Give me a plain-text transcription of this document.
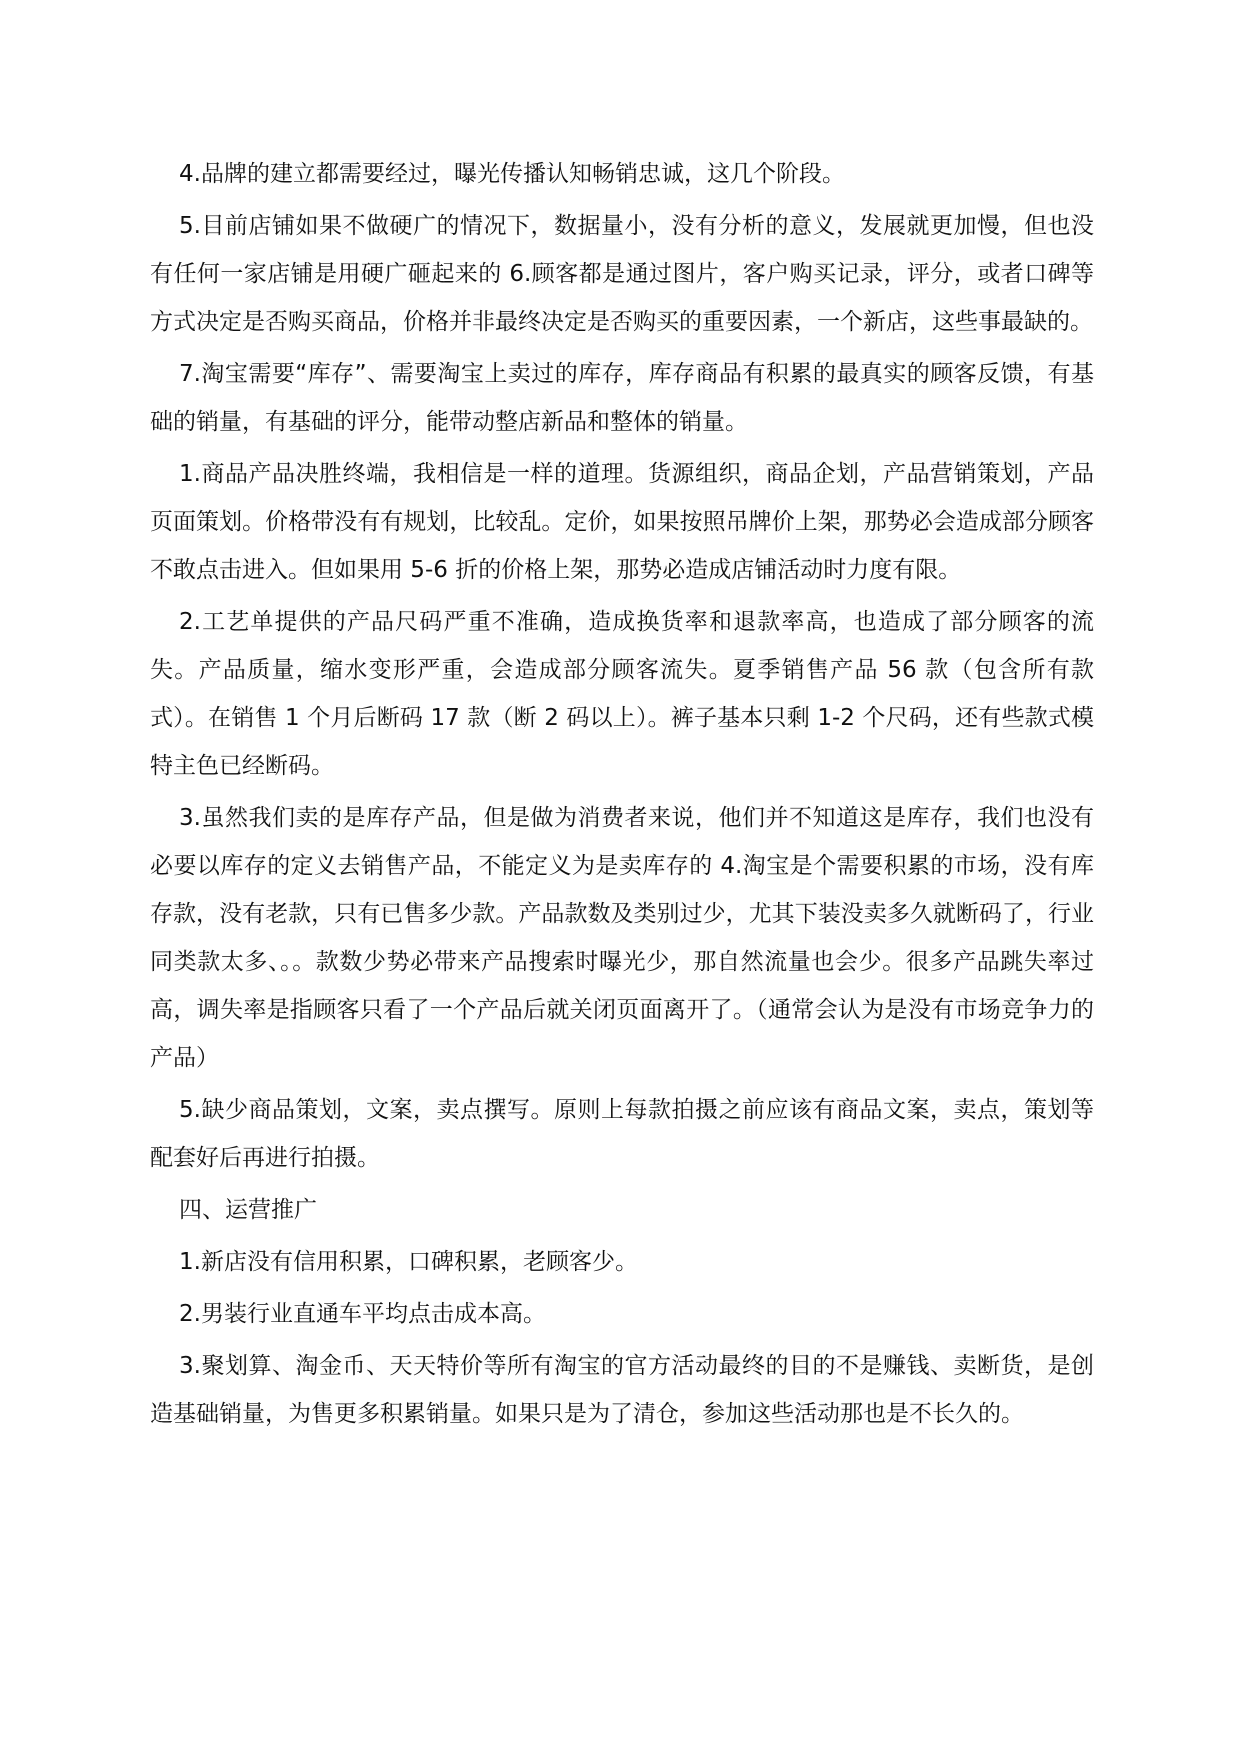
4.品牌的建立都需要经过，曝光传播认知畅销忠诚，这几个阶段。

5.目前店铺如果不做硬广的情况下，数据量小，没有分析的意义，发展就更加慢，但也没有任何一家店铺是用硬广砸起来的 6.顾客都是通过图片，客户购买记录，评分，或者口碑等方式决定是否购买商品，价格并非最终决定是否购买的重要因素，一个新店，这些事最缺的。

7.淘宝需要“库存”、需要淘宝上卖过的库存，库存商品有积累的最真实的顾客反馈，有基础的销量，有基础的评分，能带动整店新品和整体的销量。

1.商品产品决胜终端，我相信是一样的道理。货源组织，商品企划，产品营销策划，产品页面策划。价格带没有有规划，比较乱。定价，如果按照吊牌价上架，那势必会造成部分顾客不敢点击进入。但如果用 5-6 折的价格上架，那势必造成店铺活动时力度有限。

2.工艺单提供的产品尺码严重不准确，造成换货率和退款率高，也造成了部分顾客的流失。产品质量，缩水变形严重，会造成部分顾客流失。夏季销售产品 56 款（包含所有款式）。在销售 1 个月后断码 17 款（断 2 码以上）。裤子基本只剩 1-2 个尺码，还有些款式模特主色已经断码。

3.虽然我们卖的是库存产品，但是做为消费者来说，他们并不知道这是库存，我们也没有必要以库存的定义去销售产品，不能定义为是卖库存的 4.淘宝是个需要积累的市场，没有库存款，没有老款，只有已售多少款。产品款数及类别过少，尤其下装没卖多久就断码了，行业同类款太多、。。款数少势必带来产品搜索时曝光少，那自然流量也会少。很多产品跳失率过高，调失率是指顾客只看了一个产品后就关闭页面离开了。（通常会认为是没有市场竞争力的产品）

5.缺少商品策划，文案，卖点撰写。原则上每款拍摄之前应该有商品文案，卖点，策划等配套好后再进行拍摄。

四、运营推广

1.新店没有信用积累，口碑积累，老顾客少。

2.男装行业直通车平均点击成本高。

3.聚划算、淘金币、天天特价等所有淘宝的官方活动最终的目的不是赚钱、卖断货，是创造基础销量，为售更多积累销量。如果只是为了清仓，参加这些活动那也是不长久的。
